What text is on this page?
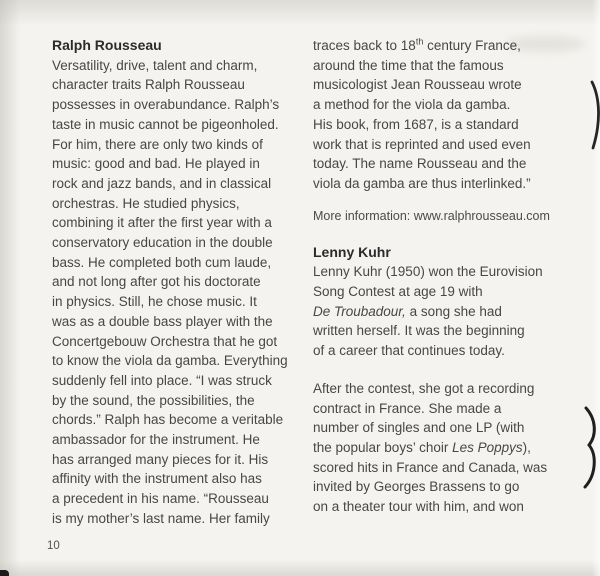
Ralph Rousseau
Versatility, drive, talent and charm,
character traits Ralph Rousseau
possesses in overabundance. Ralph’s
taste in music cannot be pigeonholed.
For him, there are only two kinds of
music: good and bad. He played in
rock and jazz bands, and in classical
orchestras. He studied physics,
combining it after the first year with a
conservatory education in the double
bass. He completed both cum laude,
and not long after got his doctorate
in physics. Still, he chose music. It
was as a double bass player with the
Concertgebouw Orchestra that he got
to know the viola da gamba. Everything
suddenly fell into place. “I was struck
by the sound, the possibilities, the
chords.” Ralph has become a veritable
ambassador for the instrument. He
has arranged many pieces for it. His
affinity with the instrument also has
a precedent in his name. “Rousseau
is my mother’s last name. Her family
traces back to 18th century France,
around the time that the famous
musicologist Jean Rousseau wrote
a method for the viola da gamba.
His book, from 1687, is a standard
work that is reprinted and used even
today. The name Rousseau and the
viola da gamba are thus interlinked.”
More information: www.ralphrousseau.com
Lenny Kuhr
Lenny Kuhr (1950) won the Eurovision
Song Contest at age 19 with
De Troubadour, a song she had
written herself. It was the beginning
of a career that continues today.
After the contest, she got a recording
contract in France. She made a
number of singles and one LP (with
the popular boys’ choir Les Poppys),
scored hits in France and Canada, was
invited by Georges Brassens to go
on a theater tour with him, and won
10
